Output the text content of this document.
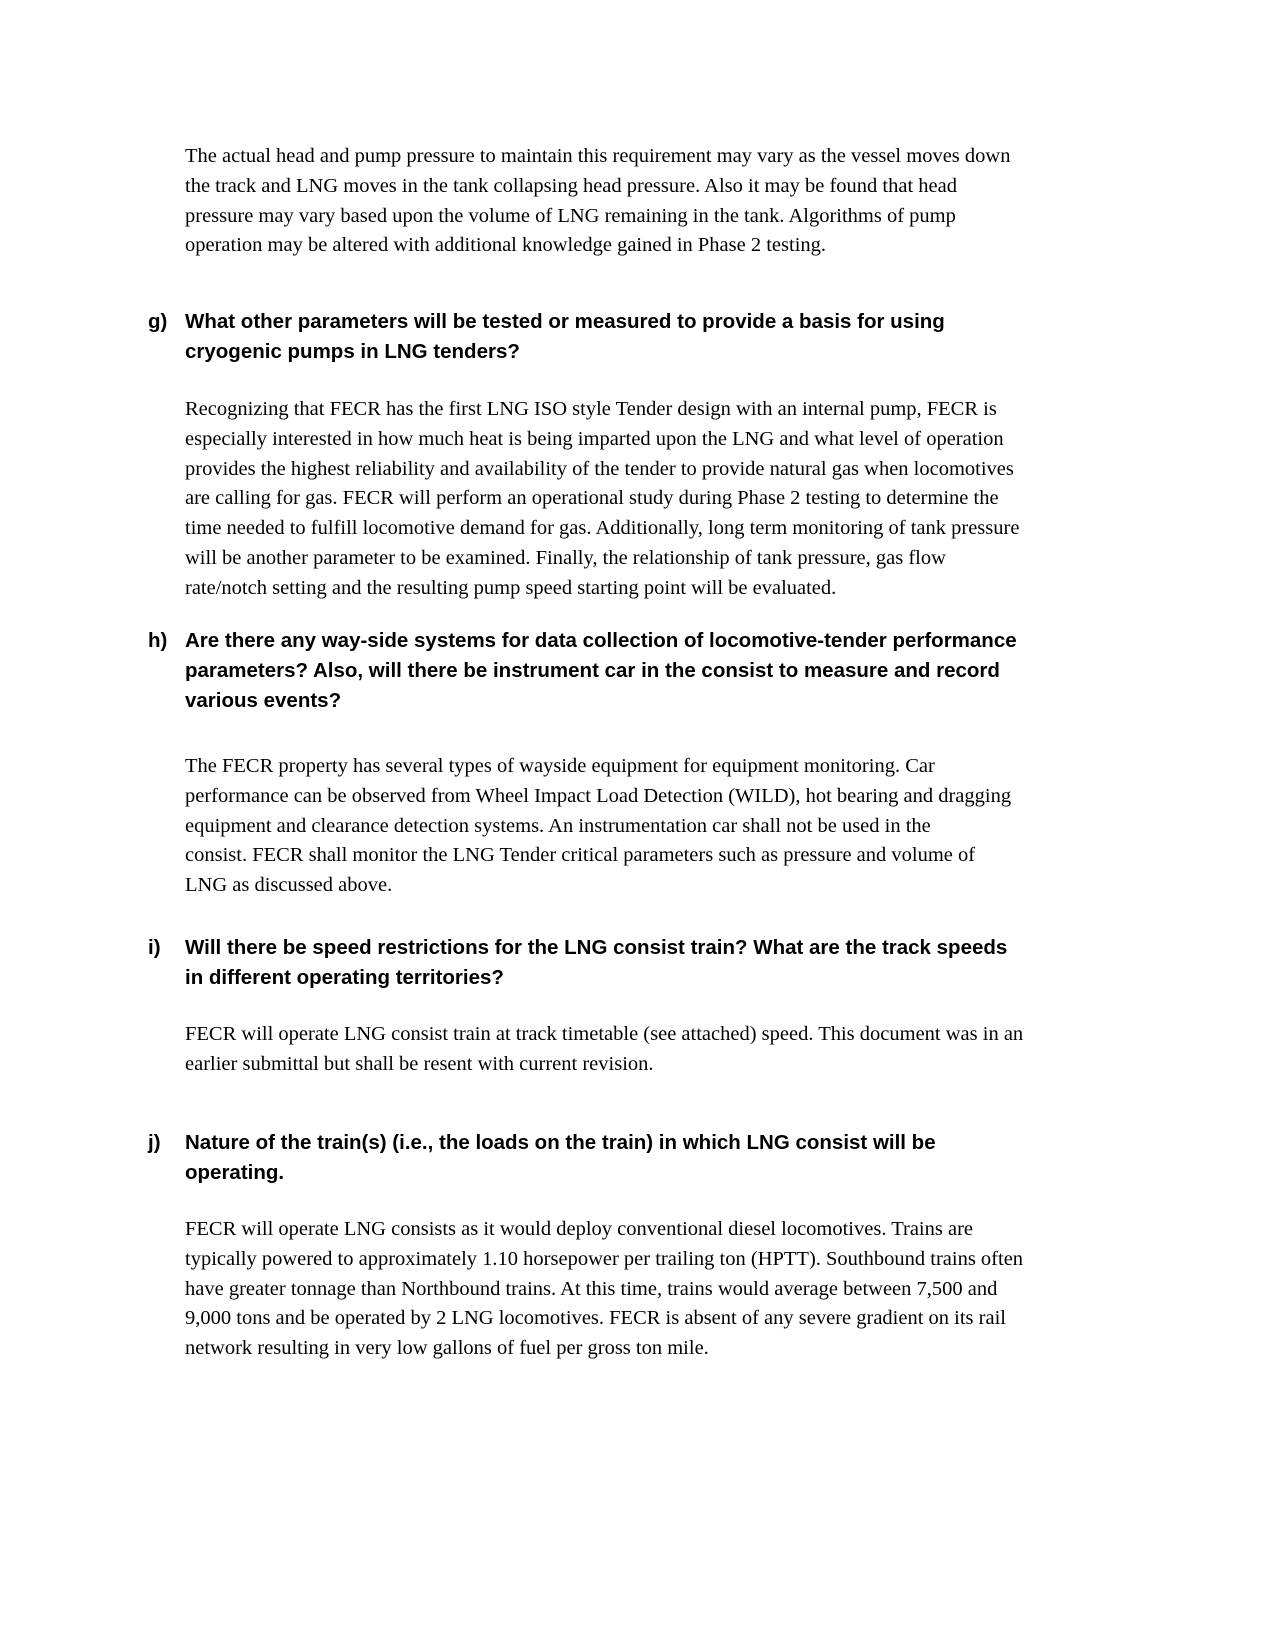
The actual head and pump pressure to maintain this requirement may vary as the vessel moves down
the track and LNG moves in the tank collapsing head pressure. Also it may be found that head
pressure may vary based upon the volume of LNG remaining in the tank. Algorithms of pump
operation may be altered with additional knowledge gained in Phase 2 testing.

g) What other parameters will be tested or measured to provide a basis for using
cryogenic pumps in LNG tenders?

Recognizing that FECR has the first LNG ISO style Tender design with an internal pump, FECR is
especially interested in how much heat is being imparted upon the LNG and what level of operation
provides the highest reliability and availability of the tender to provide natural gas when locomotives
are calling for gas. FECR will perform an operational study during Phase 2 testing to determine the
time needed to fulfill locomotive demand for gas. Additionally, long term monitoring of tank pressure
will be another parameter to be examined. Finally, the relationship of tank pressure, gas flow
rate/notch setting and the resulting pump speed starting point will be evaluated.

h) Are there any way-side systems for data collection of locomotive-tender performance
parameters? Also, will there be instrument car in the consist to measure and record
various events?

The FECR property has several types of wayside equipment for equipment monitoring. Car
performance can be observed from Wheel Impact Load Detection (WILD), hot bearing and dragging
equipment and clearance detection systems. An instrumentation car shall not be used in the
consist. FECR shall monitor the LNG Tender critical parameters such as pressure and volume of
LNG as discussed above.

i)	Will there be speed restrictions for the LNG consist train? What are the track speeds
in different operating territories?

FECR will operate LNG consist train at track timetable (see attached) speed. This document was in an
earlier submittal but shall be resent with current revision.

j)	Nature of the train(s) (i.e., the loads on the train) in which LNG consist will be
operating.

FECR will operate LNG consists as it would deploy conventional diesel locomotives. Trains are
typically powered to approximately 1.10 horsepower per trailing ton (HPTT). Southbound trains often
have greater tonnage than Northbound trains. At this time, trains would average between 7,500 and
9,000 tons and be operated by 2 LNG locomotives. FECR is absent of any severe gradient on its rail
network resulting in very low gallons of fuel per gross ton mile.
